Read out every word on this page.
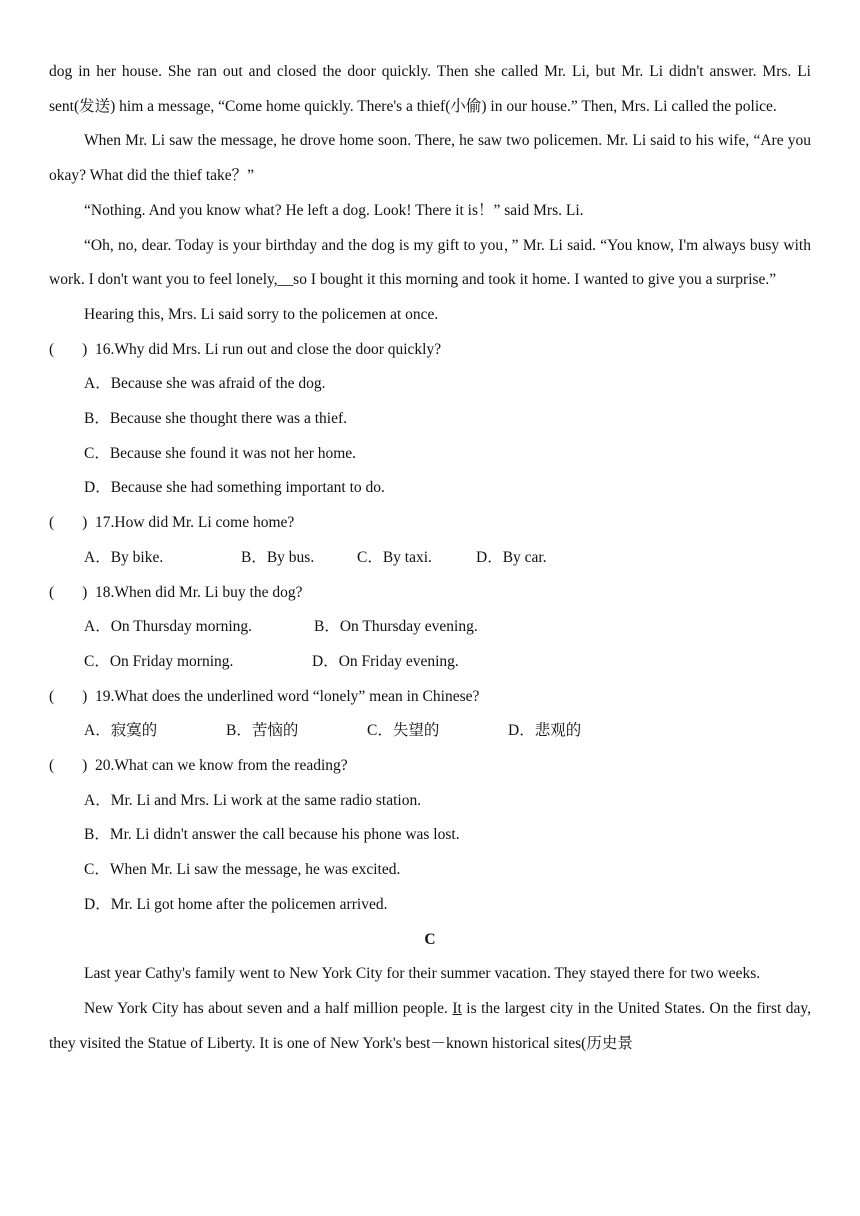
dog in her house. She ran out and closed the door quickly. Then she called Mr. Li, but Mr. Li didn't answer. Mrs. Li sent(发送) him a message, “Come home quickly. There's a thief(小偷) in our house.” Then, Mrs. Li called the police.

When Mr. Li saw the message, he drove home soon. There, he saw two policemen. Mr. Li said to his wife, “Are you okay? What did the thief take？”

“Nothing. And you know what? He left a dog. Look! There it is！” said Mrs. Li.

“Oh, no, dear. Today is your birthday and the dog is my gift to you，” Mr. Li said. “You know, I'm always busy with work. I don't want you to feel lonely,__so I bought it this morning and took it home. I wanted to give you a surprise.”

Hearing this, Mrs. Li said sorry to the policemen at once.

( ) 16.Why did Mrs. Li run out and close the door quickly?

A．Because she was afraid of the dog.

B．Because she thought there was a thief.

C．Because she found it was not her home.

D．Because she had something important to do.

( ) 17.How did Mr. Li come home?

A．By bike.	B．By bus.	C．By taxi.	D．By car.

( ) 18.When did Mr. Li buy the dog?

A．On Thursday morning.	B．On Thursday evening.

C．On Friday morning.	D．On Friday evening.

( ) 19.What does the underlined word “lonely” mean in Chinese?

A．寂寞的	B．苦恼的	C．失望的	D．悲观的

( ) 20.What can we know from the reading?

A．Mr. Li and Mrs. Li work at the same radio station.

B．Mr. Li didn't answer the call because his phone was lost.

C．When Mr. Li saw the message, he was excited.

D．Mr. Li got home after the policemen arrived.

C

Last year Cathy's family went to New York City for their summer vacation. They stayed there for two weeks.

New York City has about seven and a half million people. It is the largest city in the United States. On the first day, they visited the Statue of Liberty. It is one of New York's best－known historical sites(历史景
